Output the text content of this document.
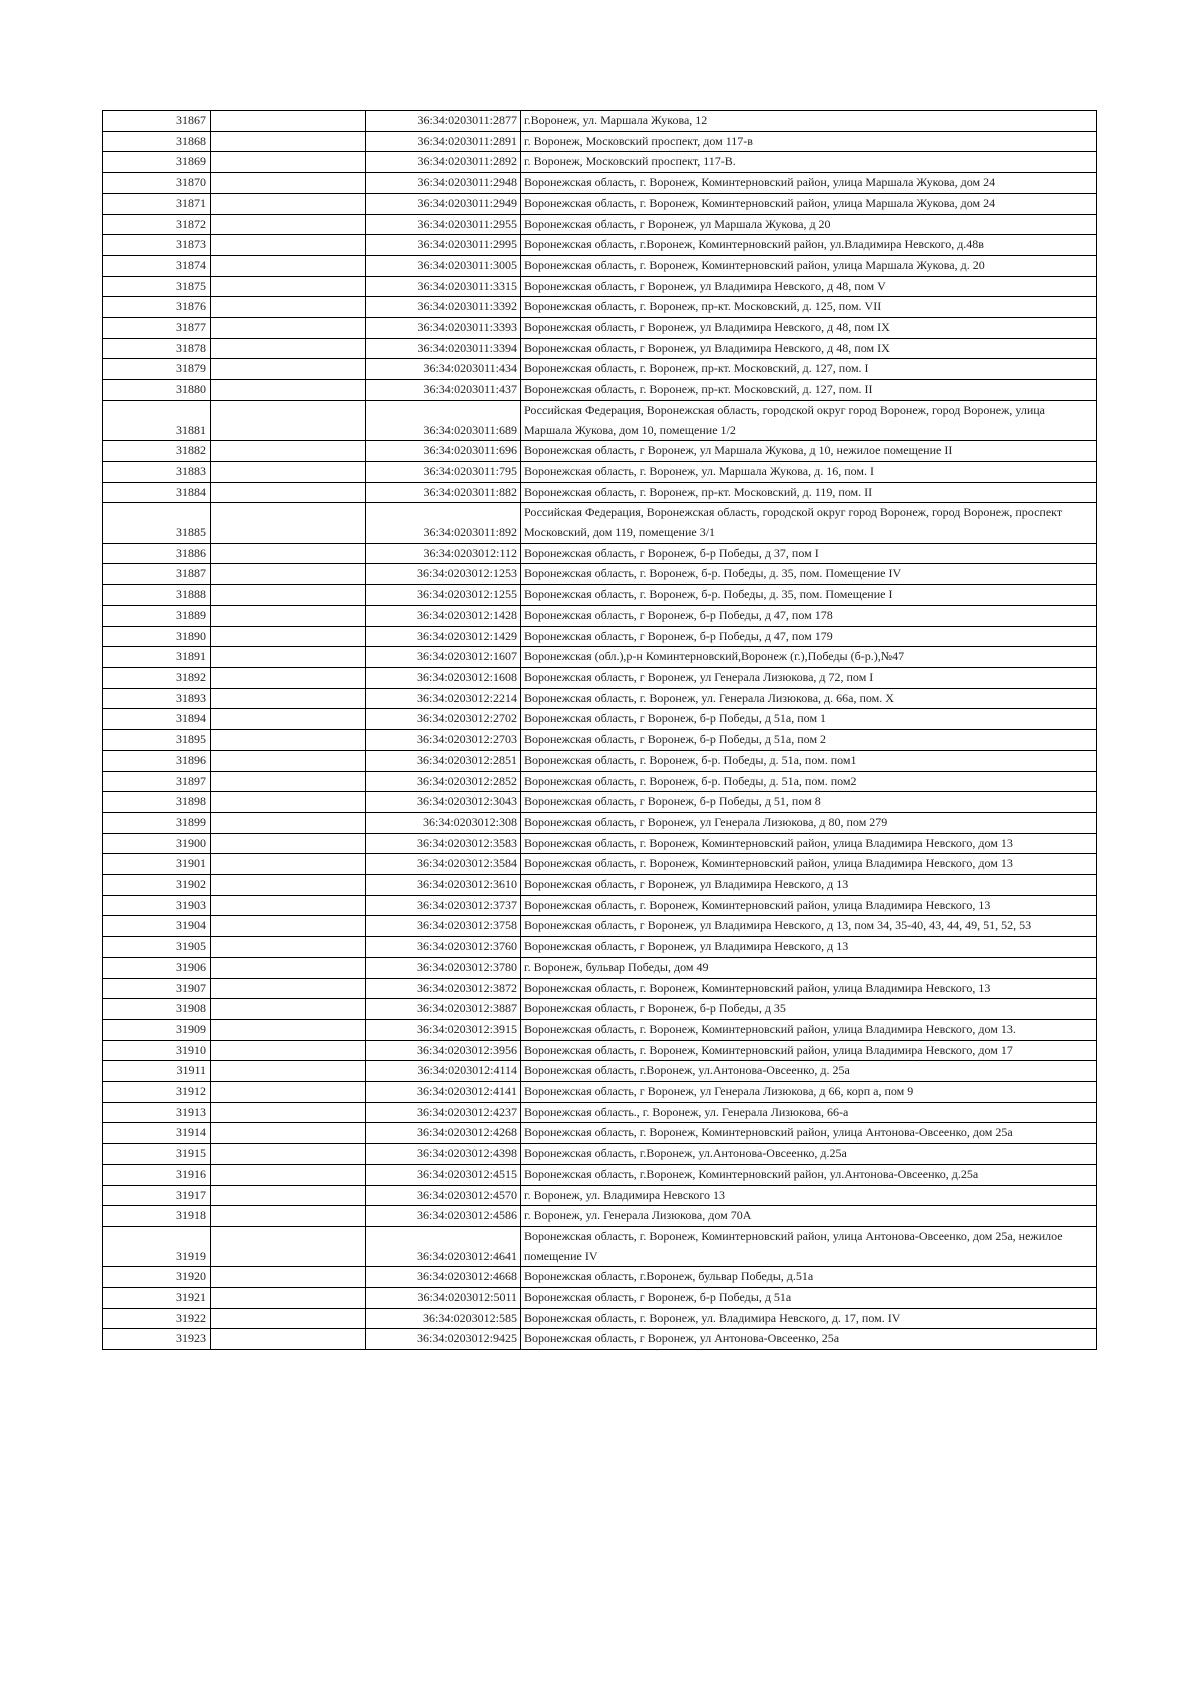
31867		36:34:0203011:2877	г.Воронеж, ул. Маршала Жукова, 12
31868		36:34:0203011:2891	г. Воронеж, Московский проспект, дом 117-в
31869		36:34:0203011:2892	г. Воронеж, Московский проспект, 117-В.
31870		36:34:0203011:2948	Воронежская область, г. Воронеж, Коминтерновский район, улица Маршала Жукова, дом 24
31871		36:34:0203011:2949	Воронежская область, г. Воронеж, Коминтерновский район, улица Маршала Жукова, дом 24
31872		36:34:0203011:2955	Воронежская область, г Воронеж, ул Маршала Жукова, д 20
31873		36:34:0203011:2995	Воронежская область, г.Воронеж, Коминтерновский район, ул.Владимира Невского, д.48в
31874		36:34:0203011:3005	Воронежская область, г. Воронеж, Коминтерновский район, улица Маршала Жукова, д. 20
31875		36:34:0203011:3315	Воронежская область, г Воронеж, ул Владимира Невского, д 48, пом V
31876		36:34:0203011:3392	Воронежская область, г. Воронеж, пр-кт. Московский, д. 125, пом. VII
31877		36:34:0203011:3393	Воронежская область, г Воронеж, ул Владимира Невского, д 48, пом IX
31878		36:34:0203011:3394	Воронежская область, г Воронеж, ул Владимира Невского, д 48, пом IX
31879		36:34:0203011:434	Воронежская область, г. Воронеж, пр-кт. Московский, д. 127, пом. I
31880		36:34:0203011:437	Воронежская область, г. Воронеж, пр-кт. Московский, д. 127, пом. II
31881		36:34:0203011:689	Российская Федерация, Воронежская область, городской округ город Воронеж, город Воронеж, улица Маршала Жукова, дом 10, помещение 1/2
31882		36:34:0203011:696	Воронежская область, г Воронеж, ул Маршала Жукова, д 10, нежилое помещение II
31883		36:34:0203011:795	Воронежская область, г. Воронеж, ул. Маршала Жукова, д. 16, пом. I
31884		36:34:0203011:882	Воронежская область, г. Воронеж, пр-кт. Московский, д. 119, пом. II
31885		36:34:0203011:892	Российская Федерация, Воронежская область, городской округ город Воронеж, город Воронеж, проспект Московский, дом 119, помещение 3/1
31886		36:34:0203012:112	Воронежская область, г Воронеж, б-р Победы, д 37, пом I
31887		36:34:0203012:1253	Воронежская область, г. Воронеж, б-р. Победы, д. 35, пом. Помещение IV
31888		36:34:0203012:1255	Воронежская область, г. Воронеж, б-р. Победы, д. 35, пом. Помещение I
31889		36:34:0203012:1428	Воронежская область, г Воронеж, б-р Победы, д 47, пом 178
31890		36:34:0203012:1429	Воронежская область, г Воронеж, б-р Победы, д 47, пом 179
31891		36:34:0203012:1607	Воронежская (обл.),р-н Коминтерновский,Воронеж (г.),Победы (б-р.),№47
31892		36:34:0203012:1608	Воронежская область, г Воронеж, ул Генерала Лизюкова, д 72, пом I
31893		36:34:0203012:2214	Воронежская область, г. Воронеж, ул. Генерала Лизюкова, д. 66а, пом. X
31894		36:34:0203012:2702	Воронежская область, г Воронеж, б-р Победы, д 51а, пом 1
31895		36:34:0203012:2703	Воронежская область, г Воронеж, б-р Победы, д 51а, пом 2
31896		36:34:0203012:2851	Воронежская область, г. Воронеж, б-р. Победы, д. 51а, пом. пом1
31897		36:34:0203012:2852	Воронежская область, г. Воронеж, б-р. Победы, д. 51а, пом. пом2
31898		36:34:0203012:3043	Воронежская область, г Воронеж, б-р Победы, д 51, пом 8
31899		36:34:0203012:308	Воронежская область, г Воронеж, ул Генерала Лизюкова, д 80, пом 279
31900		36:34:0203012:3583	Воронежская область, г. Воронеж, Коминтерновский район, улица Владимира Невского, дом 13
31901		36:34:0203012:3584	Воронежская область, г. Воронеж, Коминтерновский район, улица Владимира Невского, дом 13
31902		36:34:0203012:3610	Воронежская область, г Воронеж, ул Владимира Невского, д 13
31903		36:34:0203012:3737	Воронежская область, г. Воронеж, Коминтерновский район, улица Владимира Невского, 13
31904		36:34:0203012:3758	Воронежская область, г Воронеж, ул Владимира Невского, д 13, пом 34, 35-40, 43, 44, 49, 51, 52, 53
31905		36:34:0203012:3760	Воронежская область, г Воронеж, ул Владимира Невского, д 13
31906		36:34:0203012:3780	г. Воронеж, бульвар Победы, дом 49
31907		36:34:0203012:3872	Воронежская область, г. Воронеж, Коминтерновский район, улица Владимира Невского, 13
31908		36:34:0203012:3887	Воронежская область, г Воронеж, б-р Победы, д 35
31909		36:34:0203012:3915	Воронежская область, г. Воронеж, Коминтерновский район, улица Владимира Невского, дом 13.
31910		36:34:0203012:3956	Воронежская область, г. Воронеж, Коминтерновский район, улица Владимира Невского, дом 17
31911		36:34:0203012:4114	Воронежская область, г.Воронеж, ул.Антонова-Овсеенко, д. 25а
31912		36:34:0203012:4141	Воронежская область, г Воронеж, ул Генерала Лизюкова, д 66, корп а, пом 9
31913		36:34:0203012:4237	Воронежская область., г. Воронеж, ул. Генерала Лизюкова, 66-а
31914		36:34:0203012:4268	Воронежская область, г. Воронеж, Коминтерновский район, улица Антонова-Овсеенко, дом 25а
31915		36:34:0203012:4398	Воронежская область, г.Воронеж, ул.Антонова-Овсеенко, д.25а
31916		36:34:0203012:4515	Воронежская область, г.Воронеж, Коминтерновский район, ул.Антонова-Овсеенко, д.25а
31917		36:34:0203012:4570	г. Воронеж, ул. Владимира Невского 13
31918		36:34:0203012:4586	г. Воронеж, ул. Генерала Лизюкова, дом 70А
31919		36:34:0203012:4641	Воронежская область, г. Воронеж, Коминтерновский район, улица Антонова-Овсеенко, дом 25а, нежилое помещение IV
31920		36:34:0203012:4668	Воронежская область, г.Воронеж, бульвар Победы, д.51а
31921		36:34:0203012:5011	Воронежская область, г Воронеж, б-р Победы, д 51а
31922		36:34:0203012:585	Воронежская область, г. Воронеж, ул. Владимира Невского, д. 17, пом. IV
31923		36:34:0203012:9425	Воронежская область, г Воронеж, ул Антонова-Овсеенко, 25а
